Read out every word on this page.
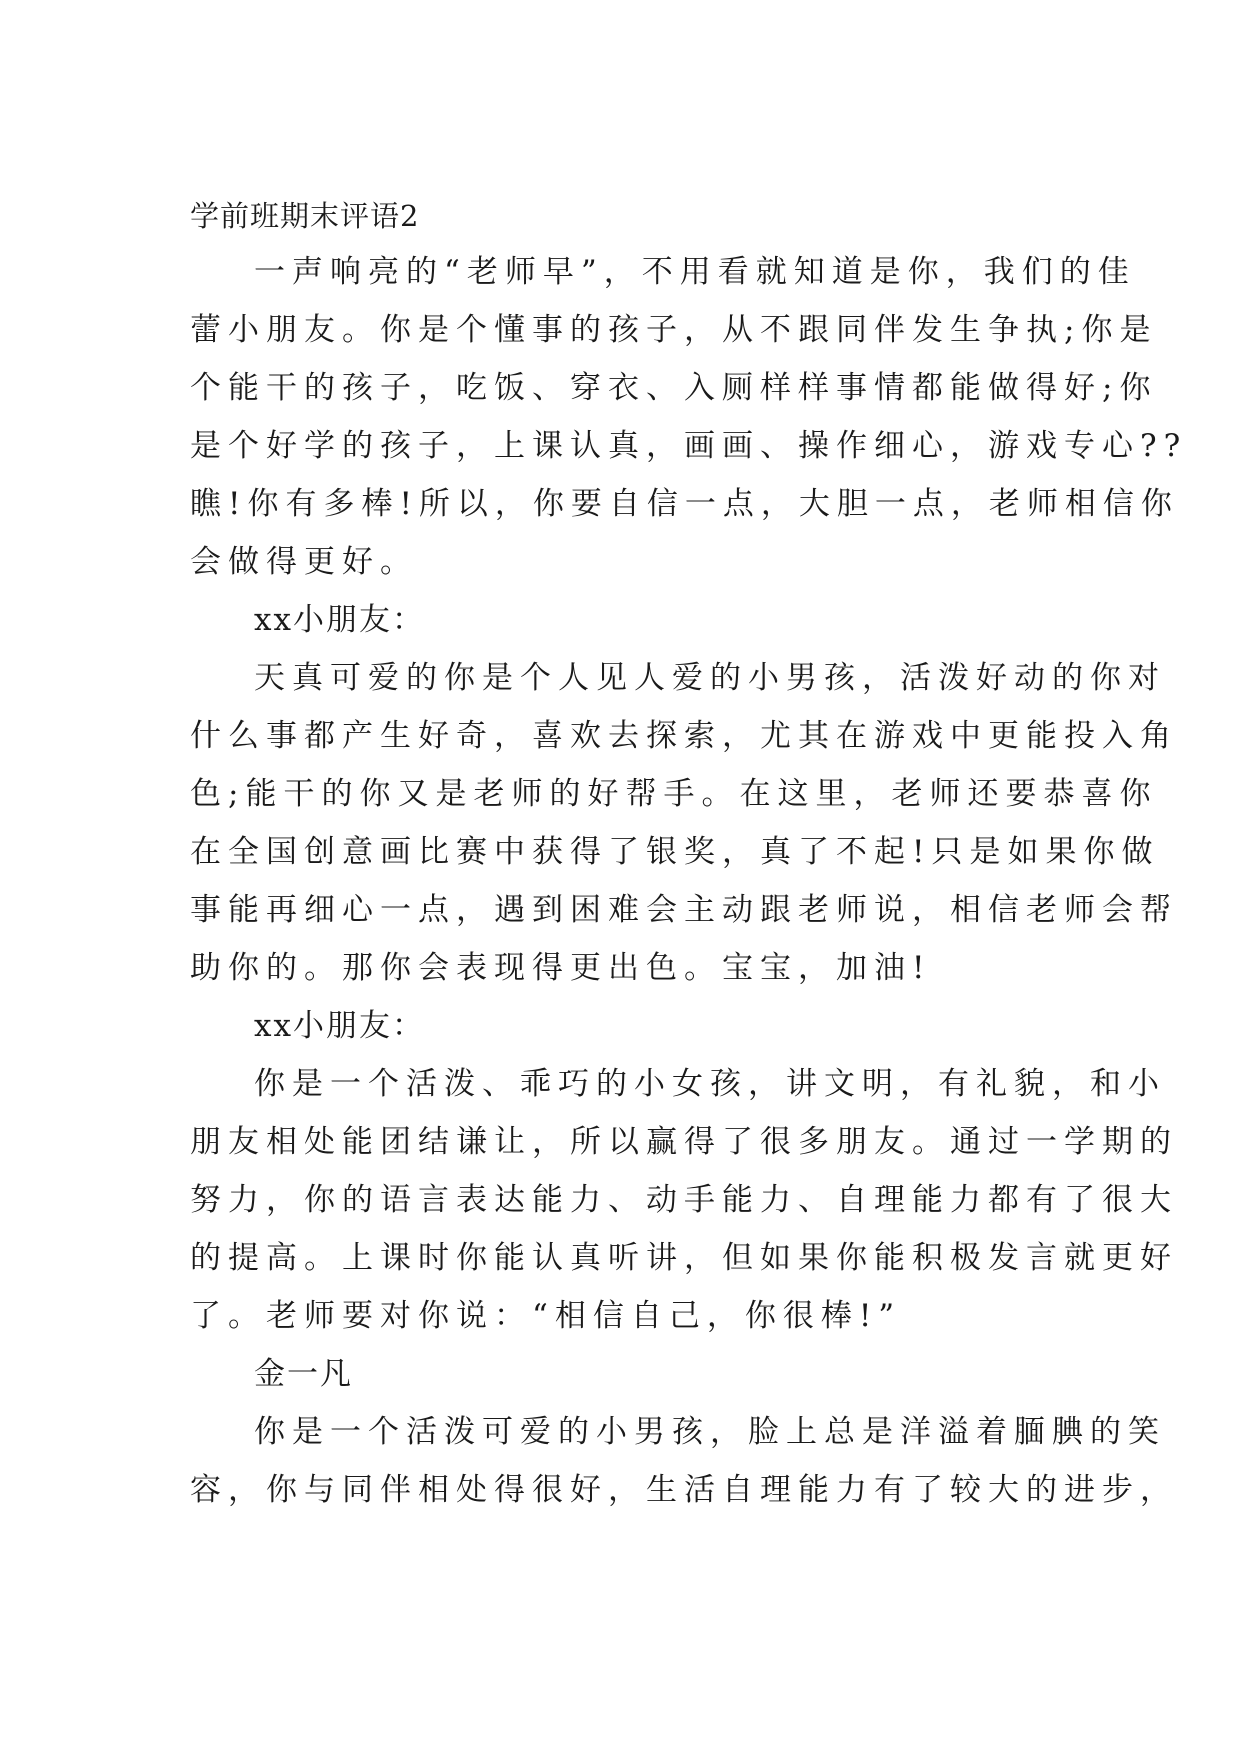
学前班期末评语2
一声响亮的“老师早”，不用看就知道是你，我们的佳
蕾小朋友。你是个懂事的孩子，从不跟同伴发生争执;你是
个能干的孩子，吃饭、穿衣、入厕样样事情都能做得好;你
是个好学的孩子，上课认真，画画、操作细心，游戏专心??
瞧!你有多棒!所以，你要自信一点，大胆一点，老师相信你
会做得更好。
xx小朋友：
天真可爱的你是个人见人爱的小男孩，活泼好动的你对
什么事都产生好奇，喜欢去探索，尤其在游戏中更能投入角
色;能干的你又是老师的好帮手。在这里，老师还要恭喜你
在全国创意画比赛中获得了银奖，真了不起!只是如果你做
事能再细心一点，遇到困难会主动跟老师说，相信老师会帮
助你的。那你会表现得更出色。宝宝，加油!
xx小朋友：
你是一个活泼、乖巧的小女孩，讲文明，有礼貌，和小
朋友相处能团结谦让，所以赢得了很多朋友。通过一学期的
努力，你的语言表达能力、动手能力、自理能力都有了很大
的提高。上课时你能认真听讲，但如果你能积极发言就更好
了。老师要对你说：“相信自己，你很棒!”
金一凡
你是一个活泼可爱的小男孩，脸上总是洋溢着腼腆的笑
容，你与同伴相处得很好，生活自理能力有了较大的进步，
